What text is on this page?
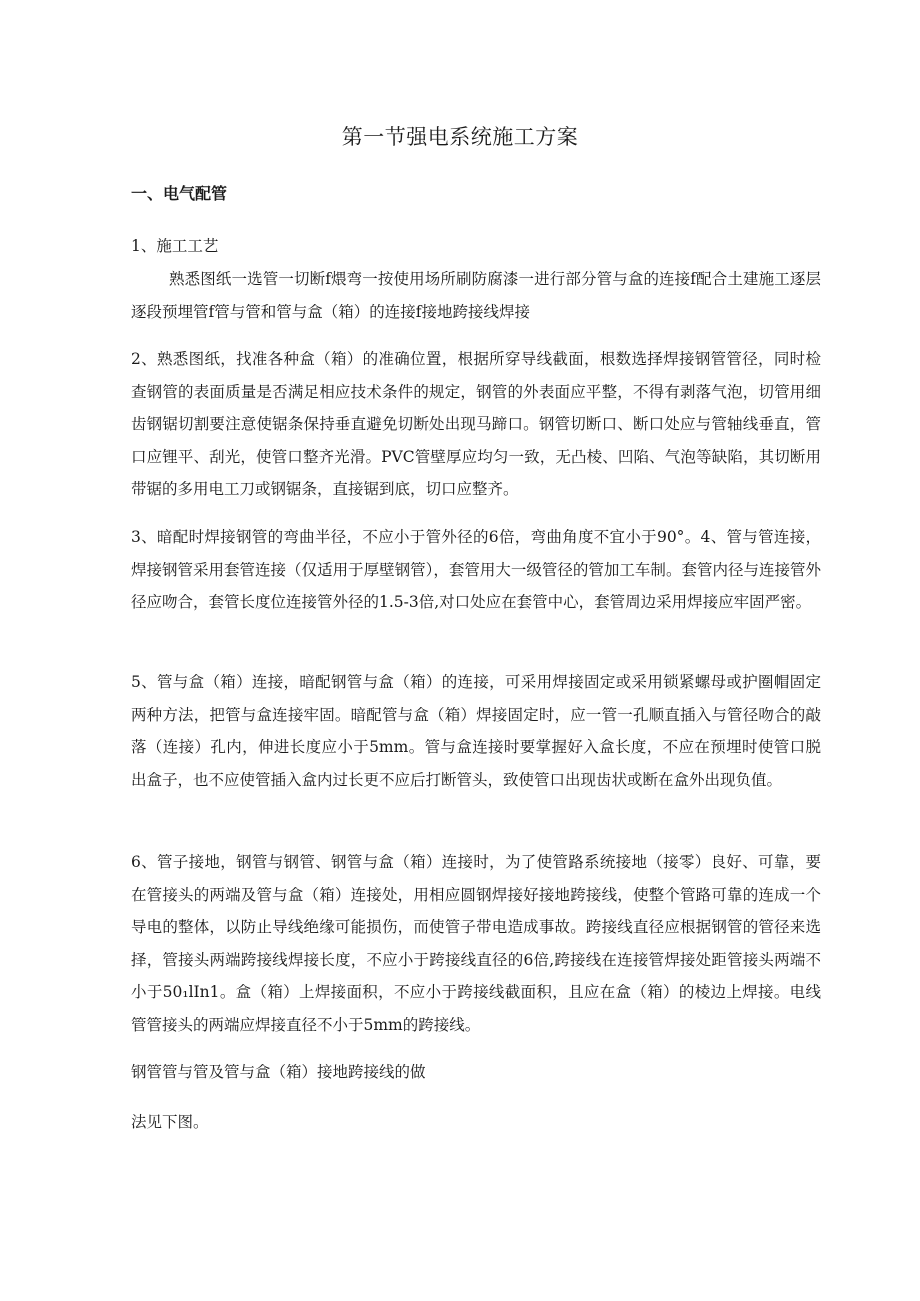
第一节强电系统施工方案
一、电气配管

1、施工工艺

熟悉图纸一选管一切断f煨弯一按使用场所刷防腐漆一进行部分管与盒的连接f配合土建施工逐层逐段预埋管f管与管和管与盒（箱）的连接f接地跨接线焊接

2、熟悉图纸，找准各种盒（箱）的准确位置，根据所穿导线截面，根数选择焊接钢管管径，同时检查钢管的表面质量是否满足相应技术条件的规定，钢管的外表面应平整，不得有剥落气泡，切管用细齿钢锯切割要注意使锯条保持垂直避免切断处出现马蹄口。钢管切断口、断口处应与管轴线垂直，管口应锂平、刮光，使管口整齐光滑。PVC管壁厚应均匀一致，无凸棱、凹陷、气泡等缺陷，其切断用带锯的多用电工刀或钢锯条，直接锯到底，切口应整齐。

3、暗配时焊接钢管的弯曲半径，不应小于管外径的6倍，弯曲角度不宜小于90°。4、管与管连接，焊接钢管采用套管连接（仅适用于厚壁钢管），套管用大一级管径的管加工车制。套管内径与连接管外径应吻合，套管长度位连接管外径的1.5-3倍,对口处应在套管中心，套管周边采用焊接应牢固严密。

5、管与盒（箱）连接，暗配钢管与盒（箱）的连接，可采用焊接固定或采用锁紧螺母或护圈帽固定两种方法，把管与盒连接牢固。暗配管与盒（箱）焊接固定时，应一管一孔顺直插入与管径吻合的敲落（连接）孔内，伸进长度应小于5mm。管与盒连接时要掌握好入盒长度，不应在预埋时使管口脱出盒子，也不应使管插入盒内过长更不应后打断管头，致使管口出现齿状或断在盒外出现负值。

6、管子接地，钢管与钢管、钢管与盒（箱）连接时，为了使管路系统接地（接零）良好、可靠，要在管接头的两端及管与盒（箱）连接处，用相应圆钢焊接好接地跨接线，使整个管路可靠的连成一个导电的整体，以防止导线绝缘可能损伤，而使管子带电造成事故。跨接线直径应根据钢管的管径来选择，管接头两端跨接线焊接长度，不应小于跨接线直径的6倍,跨接线在连接管焊接处距管接头两端不小于50₁lIn1。盒（箱）上焊接面积，不应小于跨接线截面积，且应在盒（箱）的棱边上焊接。电线管管接头的两端应焊接直径不小于5mm的跨接线。

钢管管与管及管与盒（箱）接地跨接线的做

法见下图。
